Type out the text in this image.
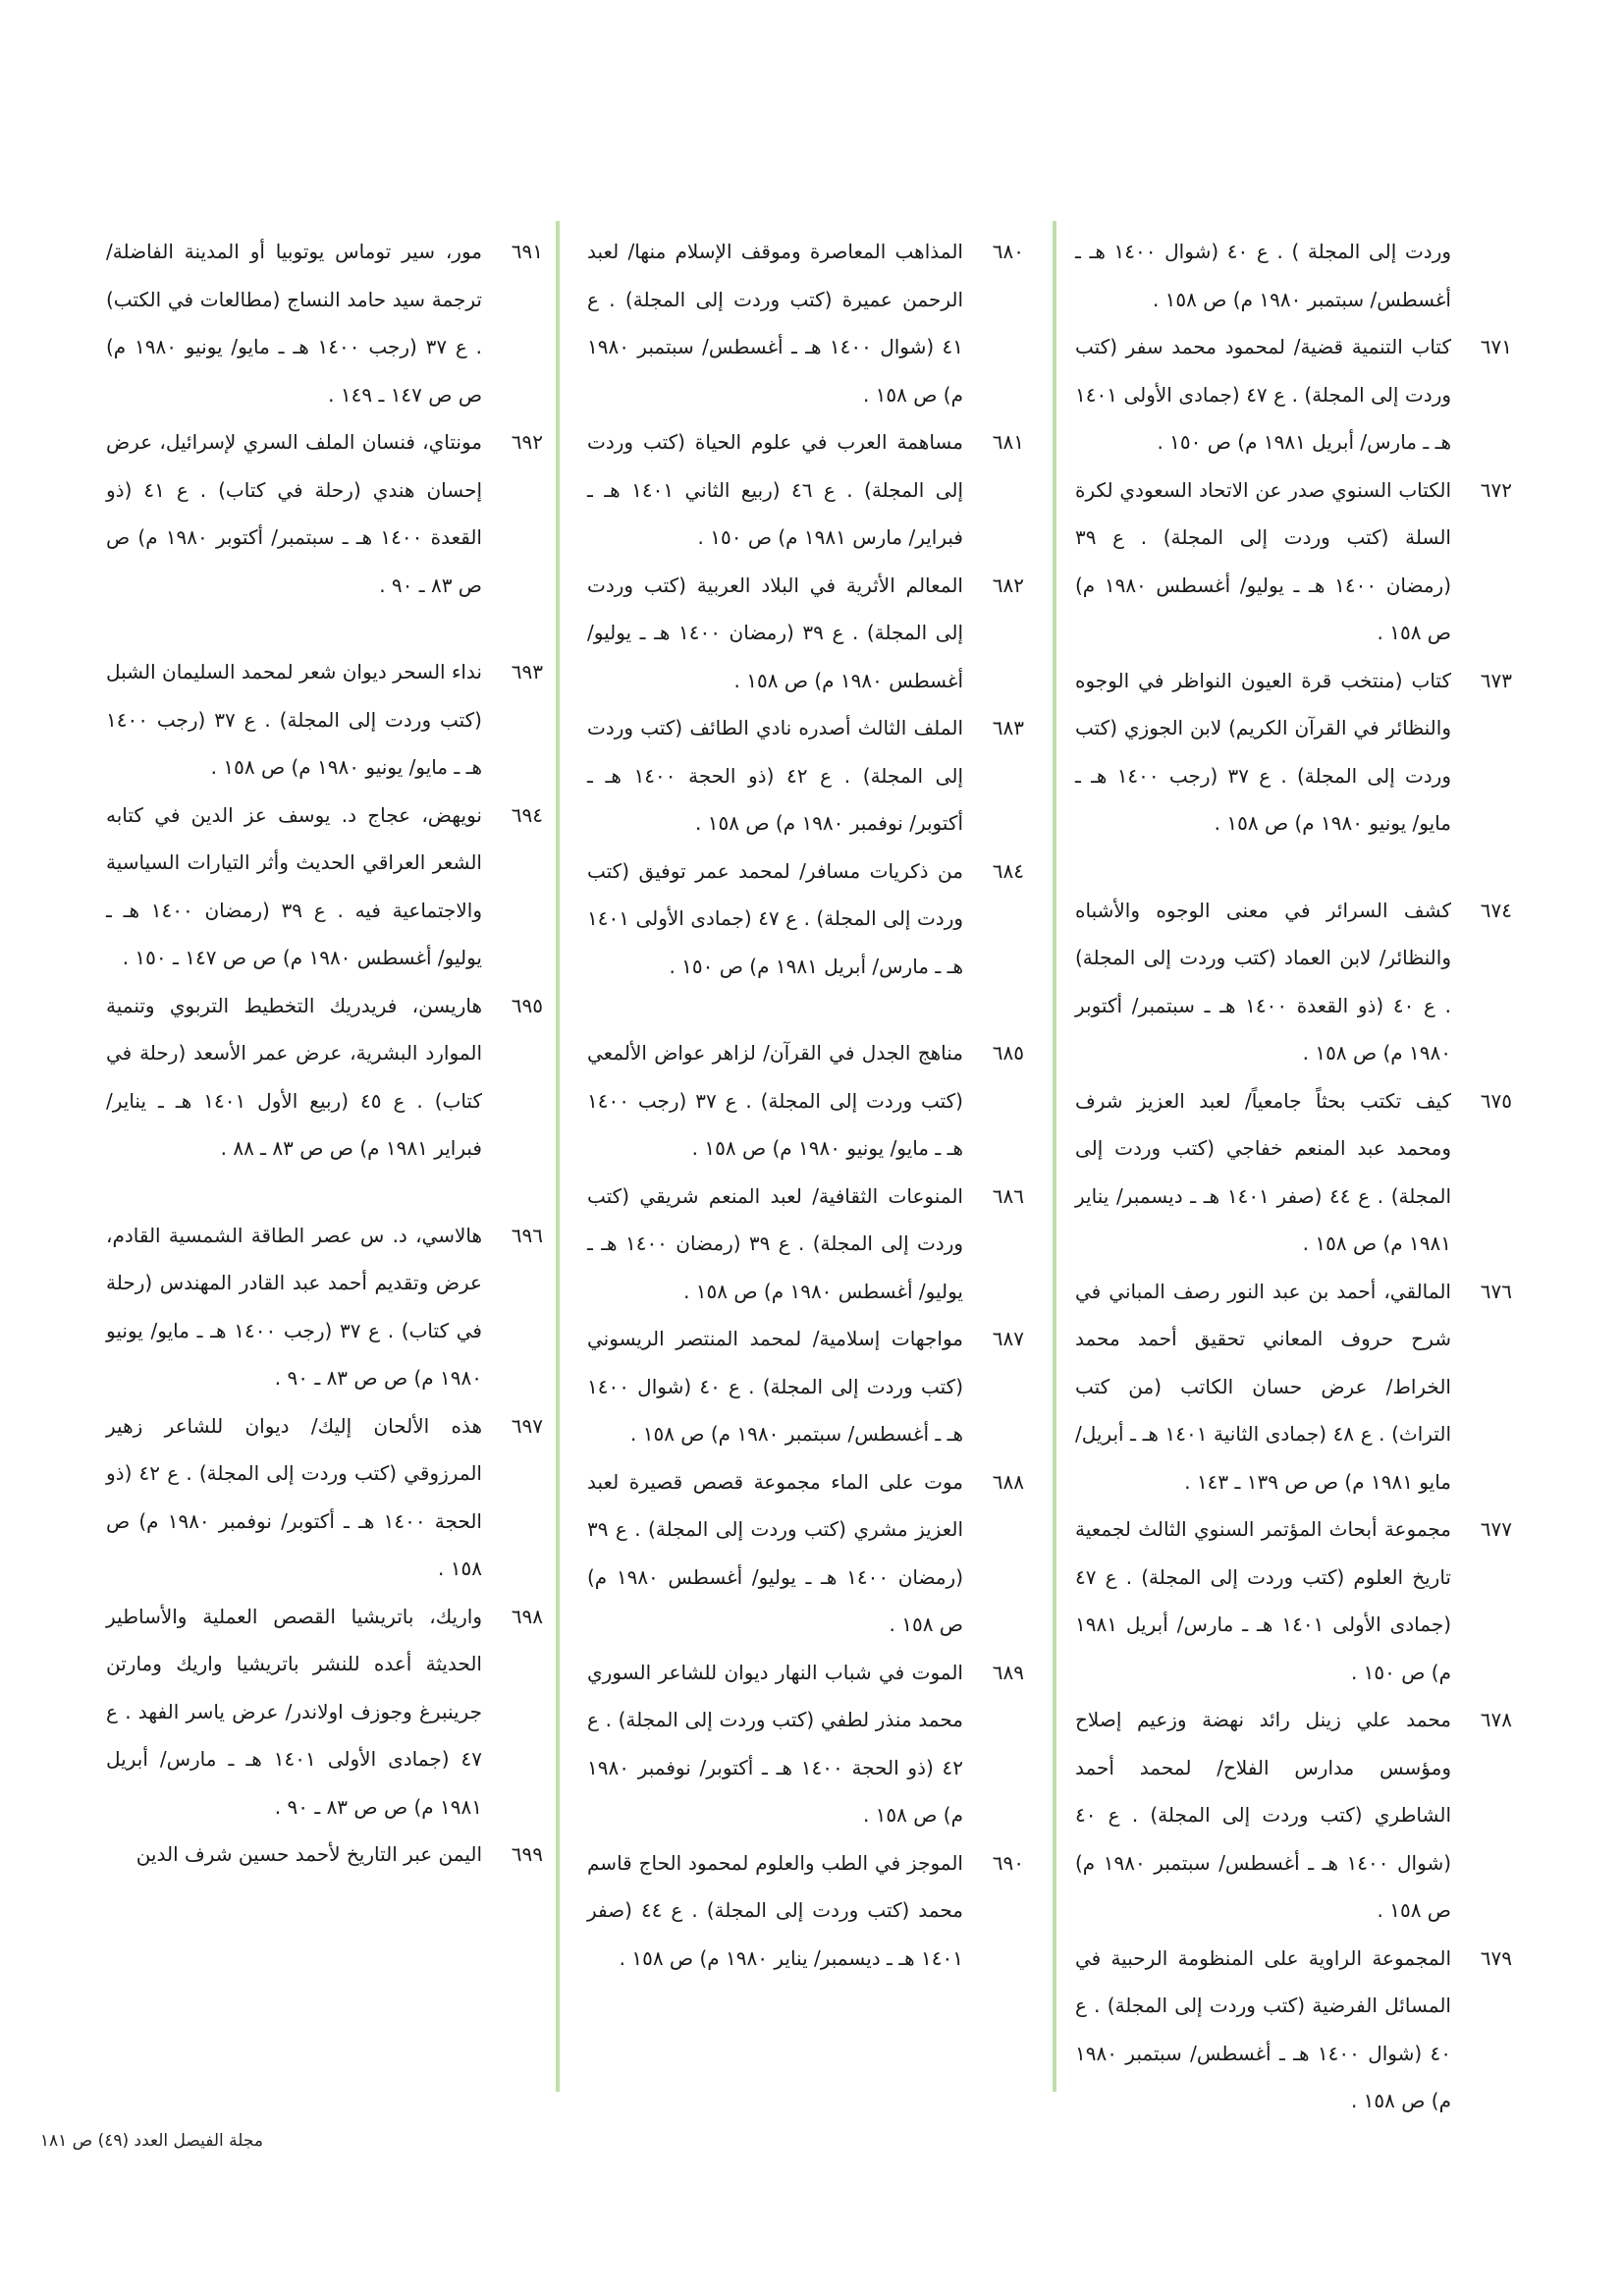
وردت إلى المجلة ) . ع ٤٠ (شوال ١٤٠٠ هـ ـ أغسطس/ سبتمبر ١٩٨٠ م) ص ١٥٨ .
٦٧١
كتاب التنمية قضية/ لمحمود محمد سفر (كتب وردت إلى المجلة) . ع ٤٧ (جمادى الأولى ١٤٠١ هـ ـ مارس/ أبريل ١٩٨١ م) ص ١٥٠ .
٦٧٢
الكتاب السنوي صدر عن الاتحاد السعودي لكرة السلة (كتب وردت إلى المجلة) . ع ٣٩ (رمضان ١٤٠٠ هـ ـ يوليو/ أغسطس ١٩٨٠ م) ص ١٥٨ .
٦٧٣
كتاب (منتخب قرة العيون النواظر في الوجوه والنظائر في القرآن الكريم) لابن الجوزي (كتب وردت إلى المجلة) . ع ٣٧ (رجب ١٤٠٠ هـ ـ مايو/ يونيو ١٩٨٠ م) ص ١٥٨ .
٦٧٤
كشف السرائر في معنى الوجوه والأشباه والنظائر/ لابن العماد (كتب وردت إلى المجلة) . ع ٤٠ (ذو القعدة ١٤٠٠ هـ ـ سبتمبر/ أكتوبر ١٩٨٠ م) ص ١٥٨ .
٦٧٥
كيف تكتب بحثاً جامعياً/ لعبد العزيز شرف ومحمد عبد المنعم خفاجي (كتب وردت إلى المجلة) . ع ٤٤ (صفر ١٤٠١ هـ ـ ديسمبر/ يناير ١٩٨١ م) ص ١٥٨ .
٦٧٦
المالقي، أحمد بن عبد النور رصف المباني في شرح حروف المعاني تحقيق أحمد محمد الخراط/ عرض حسان الكاتب (من كتب التراث) . ع ٤٨ (جمادى الثانية ١٤٠١ هـ ـ أبريل/ مايو ١٩٨١ م) ص ص ١٣٩ ـ ١٤٣ .
٦٧٧
مجموعة أبحاث المؤتمر السنوي الثالث لجمعية تاريخ العلوم (كتب وردت إلى المجلة) . ع ٤٧ (جمادى الأولى ١٤٠١ هـ ـ مارس/ أبريل ١٩٨١ م) ص ١٥٠ .
٦٧٨
محمد علي زينل رائد نهضة وزعيم إصلاح ومؤسس مدارس الفلاح/ لمحمد أحمد الشاطري (كتب وردت إلى المجلة) . ع ٤٠ (شوال ١٤٠٠ هـ ـ أغسطس/ سبتمبر ١٩٨٠ م) ص ١٥٨ .
٦٧٩
المجموعة الراوية على المنظومة الرحبية في المسائل الفرضية (كتب وردت إلى المجلة) . ع ٤٠ (شوال ١٤٠٠ هـ ـ أغسطس/ سبتمبر ١٩٨٠ م) ص ١٥٨ .
٦٨٠
المذاهب المعاصرة وموقف الإسلام منها/ لعبد الرحمن عميرة (كتب وردت إلى المجلة) . ع ٤١ (شوال ١٤٠٠ هـ ـ أغسطس/ سبتمبر ١٩٨٠ م) ص ١٥٨ .
٦٨١
مساهمة العرب في علوم الحياة (كتب وردت إلى المجلة) . ع ٤٦ (ربيع الثاني ١٤٠١ هـ ـ فبراير/ مارس ١٩٨١ م) ص ١٥٠ .
٦٨٢
المعالم الأثرية في البلاد العربية (كتب وردت إلى المجلة) . ع ٣٩ (رمضان ١٤٠٠ هـ ـ يوليو/ أغسطس ١٩٨٠ م) ص ١٥٨ .
٦٨٣
الملف الثالث أصدره نادي الطائف (كتب وردت إلى المجلة) . ع ٤٢ (ذو الحجة ١٤٠٠ هـ ـ أكتوبر/ نوفمبر ١٩٨٠ م) ص ١٥٨ .
٦٨٤
من ذكريات مسافر/ لمحمد عمر توفيق (كتب وردت إلى المجلة) . ع ٤٧ (جمادى الأولى ١٤٠١ هـ ـ مارس/ أبريل ١٩٨١ م) ص ١٥٠ .
٦٨٥
مناهج الجدل في القرآن/ لزاهر عواض الألمعي (كتب وردت إلى المجلة) . ع ٣٧ (رجب ١٤٠٠ هـ ـ مايو/ يونيو ١٩٨٠ م) ص ١٥٨ .
٦٨٦
المنوعات الثقافية/ لعبد المنعم شريقي (كتب وردت إلى المجلة) . ع ٣٩ (رمضان ١٤٠٠ هـ ـ يوليو/ أغسطس ١٩٨٠ م) ص ١٥٨ .
٦٨٧
مواجهات إسلامية/ لمحمد المنتصر الريسوني (كتب وردت إلى المجلة) . ع ٤٠ (شوال ١٤٠٠ هـ ـ أغسطس/ سبتمبر ١٩٨٠ م) ص ١٥٨ .
٦٨٨
موت على الماء مجموعة قصص قصيرة لعبد العزيز مشري (كتب وردت إلى المجلة) . ع ٣٩ (رمضان ١٤٠٠ هـ ـ يوليو/ أغسطس ١٩٨٠ م) ص ١٥٨ .
٦٨٩
الموت في شباب النهار ديوان للشاعر السوري محمد منذر لطفي (كتب وردت إلى المجلة) . ع ٤٢ (ذو الحجة ١٤٠٠ هـ ـ أكتوبر/ نوفمبر ١٩٨٠ م) ص ١٥٨ .
٦٩٠
الموجز في الطب والعلوم لمحمود الحاج قاسم محمد (كتب وردت إلى المجلة) . ع ٤٤ (صفر ١٤٠١ هـ ـ ديسمبر/ يناير ١٩٨٠ م) ص ١٥٨ .
٦٩١
مور، سير توماس يوتوبيا أو المدينة الفاضلة/ ترجمة سيد حامد النساج (مطالعات في الكتب) . ع ٣٧ (رجب ١٤٠٠ هـ ـ مايو/ يونيو ١٩٨٠ م) ص ص ١٤٧ ـ ١٤٩ .
٦٩٢
مونتاي، فنسان الملف السري لإسرائيل، عرض إحسان هندي (رحلة في كتاب) . ع ٤١ (ذو القعدة ١٤٠٠ هـ ـ سبتمبر/ أكتوبر ١٩٨٠ م) ص ص ٨٣ ـ ٩٠ .
٦٩٣
نداء السحر ديوان شعر لمحمد السليمان الشبل (كتب وردت إلى المجلة) . ع ٣٧ (رجب ١٤٠٠ هـ ـ مايو/ يونيو ١٩٨٠ م) ص ١٥٨ .
٦٩٤
نويهض، عجاج د. يوسف عز الدين في كتابه الشعر العراقي الحديث وأثر التيارات السياسية والاجتماعية فيه . ع ٣٩ (رمضان ١٤٠٠ هـ ـ يوليو/ أغسطس ١٩٨٠ م) ص ص ١٤٧ ـ ١٥٠ .
٦٩٥
هاريسن، فريدريك التخطيط التربوي وتنمية الموارد البشرية، عرض عمر الأسعد (رحلة في كتاب) . ع ٤٥ (ربيع الأول ١٤٠١ هـ ـ يناير/ فبراير ١٩٨١ م) ص ص ٨٣ ـ ٨٨ .
٦٩٦
هالاسي، د. س عصر الطاقة الشمسية القادم، عرض وتقديم أحمد عبد القادر المهندس (رحلة في كتاب) . ع ٣٧ (رجب ١٤٠٠ هـ ـ مايو/ يونيو ١٩٨٠ م) ص ص ٨٣ ـ ٩٠ .
٦٩٧
هذه الألحان إليك/ ديوان للشاعر زهير المرزوقي (كتب وردت إلى المجلة) . ع ٤٢ (ذو الحجة ١٤٠٠ هـ ـ أكتوبر/ نوفمبر ١٩٨٠ م) ص ١٥٨ .
٦٩٨
واريك، باتريشيا القصص العملية والأساطير الحديثة أعده للنشر باتريشيا واريك ومارتن جرينبرغ وجوزف اولاندر/ عرض ياسر الفهد . ع ٤٧ (جمادى الأولى ١٤٠١ هـ ـ مارس/ أبريل ١٩٨١ م) ص ص ٨٣ ـ ٩٠ .
٦٩٩
اليمن عبر التاريخ لأحمد حسين شرف الدين
مجلة الفيصل العدد (٤٩) ص ١٨١
